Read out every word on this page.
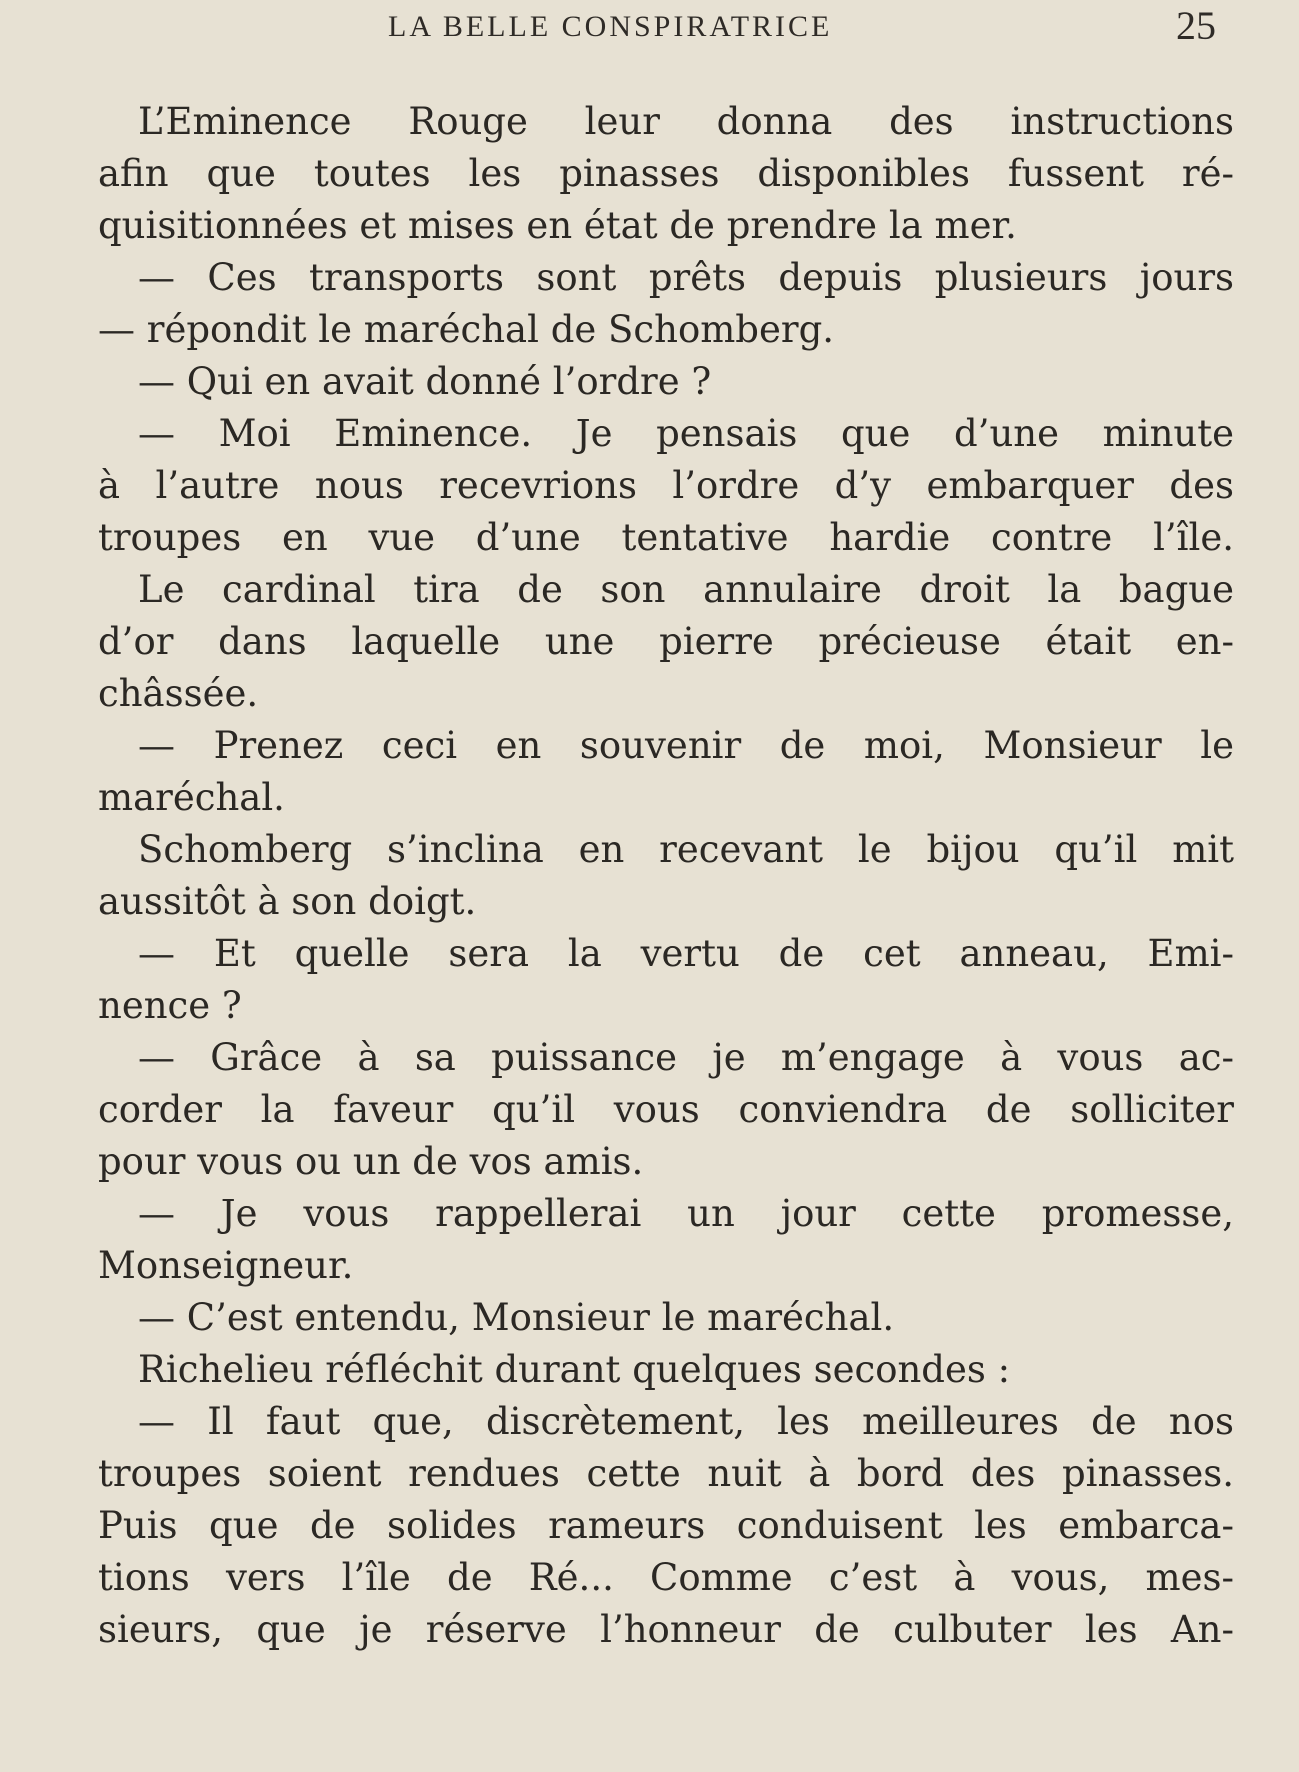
LA BELLE CONSPIRATRICE	25
L’Eminence Rouge leur donna des instructions
afin que toutes les pinasses disponibles fussent ré-
quisitionnées et mises en état de prendre la mer.
— Ces transports sont prêts depuis plusieurs jours
— répondit le maréchal de Schomberg.
— Qui en avait donné l’ordre ?
— Moi Eminence. Je pensais que d’une minute
à l’autre nous recevrions l’ordre d’y embarquer des
troupes en vue d’une tentative hardie contre l’île.
Le cardinal tira de son annulaire droit la bague
d’or dans laquelle une pierre précieuse était en-
châssée.
— Prenez ceci en souvenir de moi, Monsieur le
maréchal.
Schomberg s’inclina en recevant le bijou qu’il mit
aussitôt à son doigt.
— Et quelle sera la vertu de cet anneau, Emi-
nence ?
— Grâce à sa puissance je m’engage à vous ac-
corder la faveur qu’il vous conviendra de solliciter
pour vous ou un de vos amis.
— Je vous rappellerai un jour cette promesse,
Monseigneur.
— C’est entendu, Monsieur le maréchal.
Richelieu réfléchit durant quelques secondes :
— Il faut que, discrètement, les meilleures de nos
troupes soient rendues cette nuit à bord des pinasses.
Puis que de solides rameurs conduisent les embarca-
tions vers l’île de Ré... Comme c’est à vous, mes-
sieurs, que je réserve l’honneur de culbuter les An-
